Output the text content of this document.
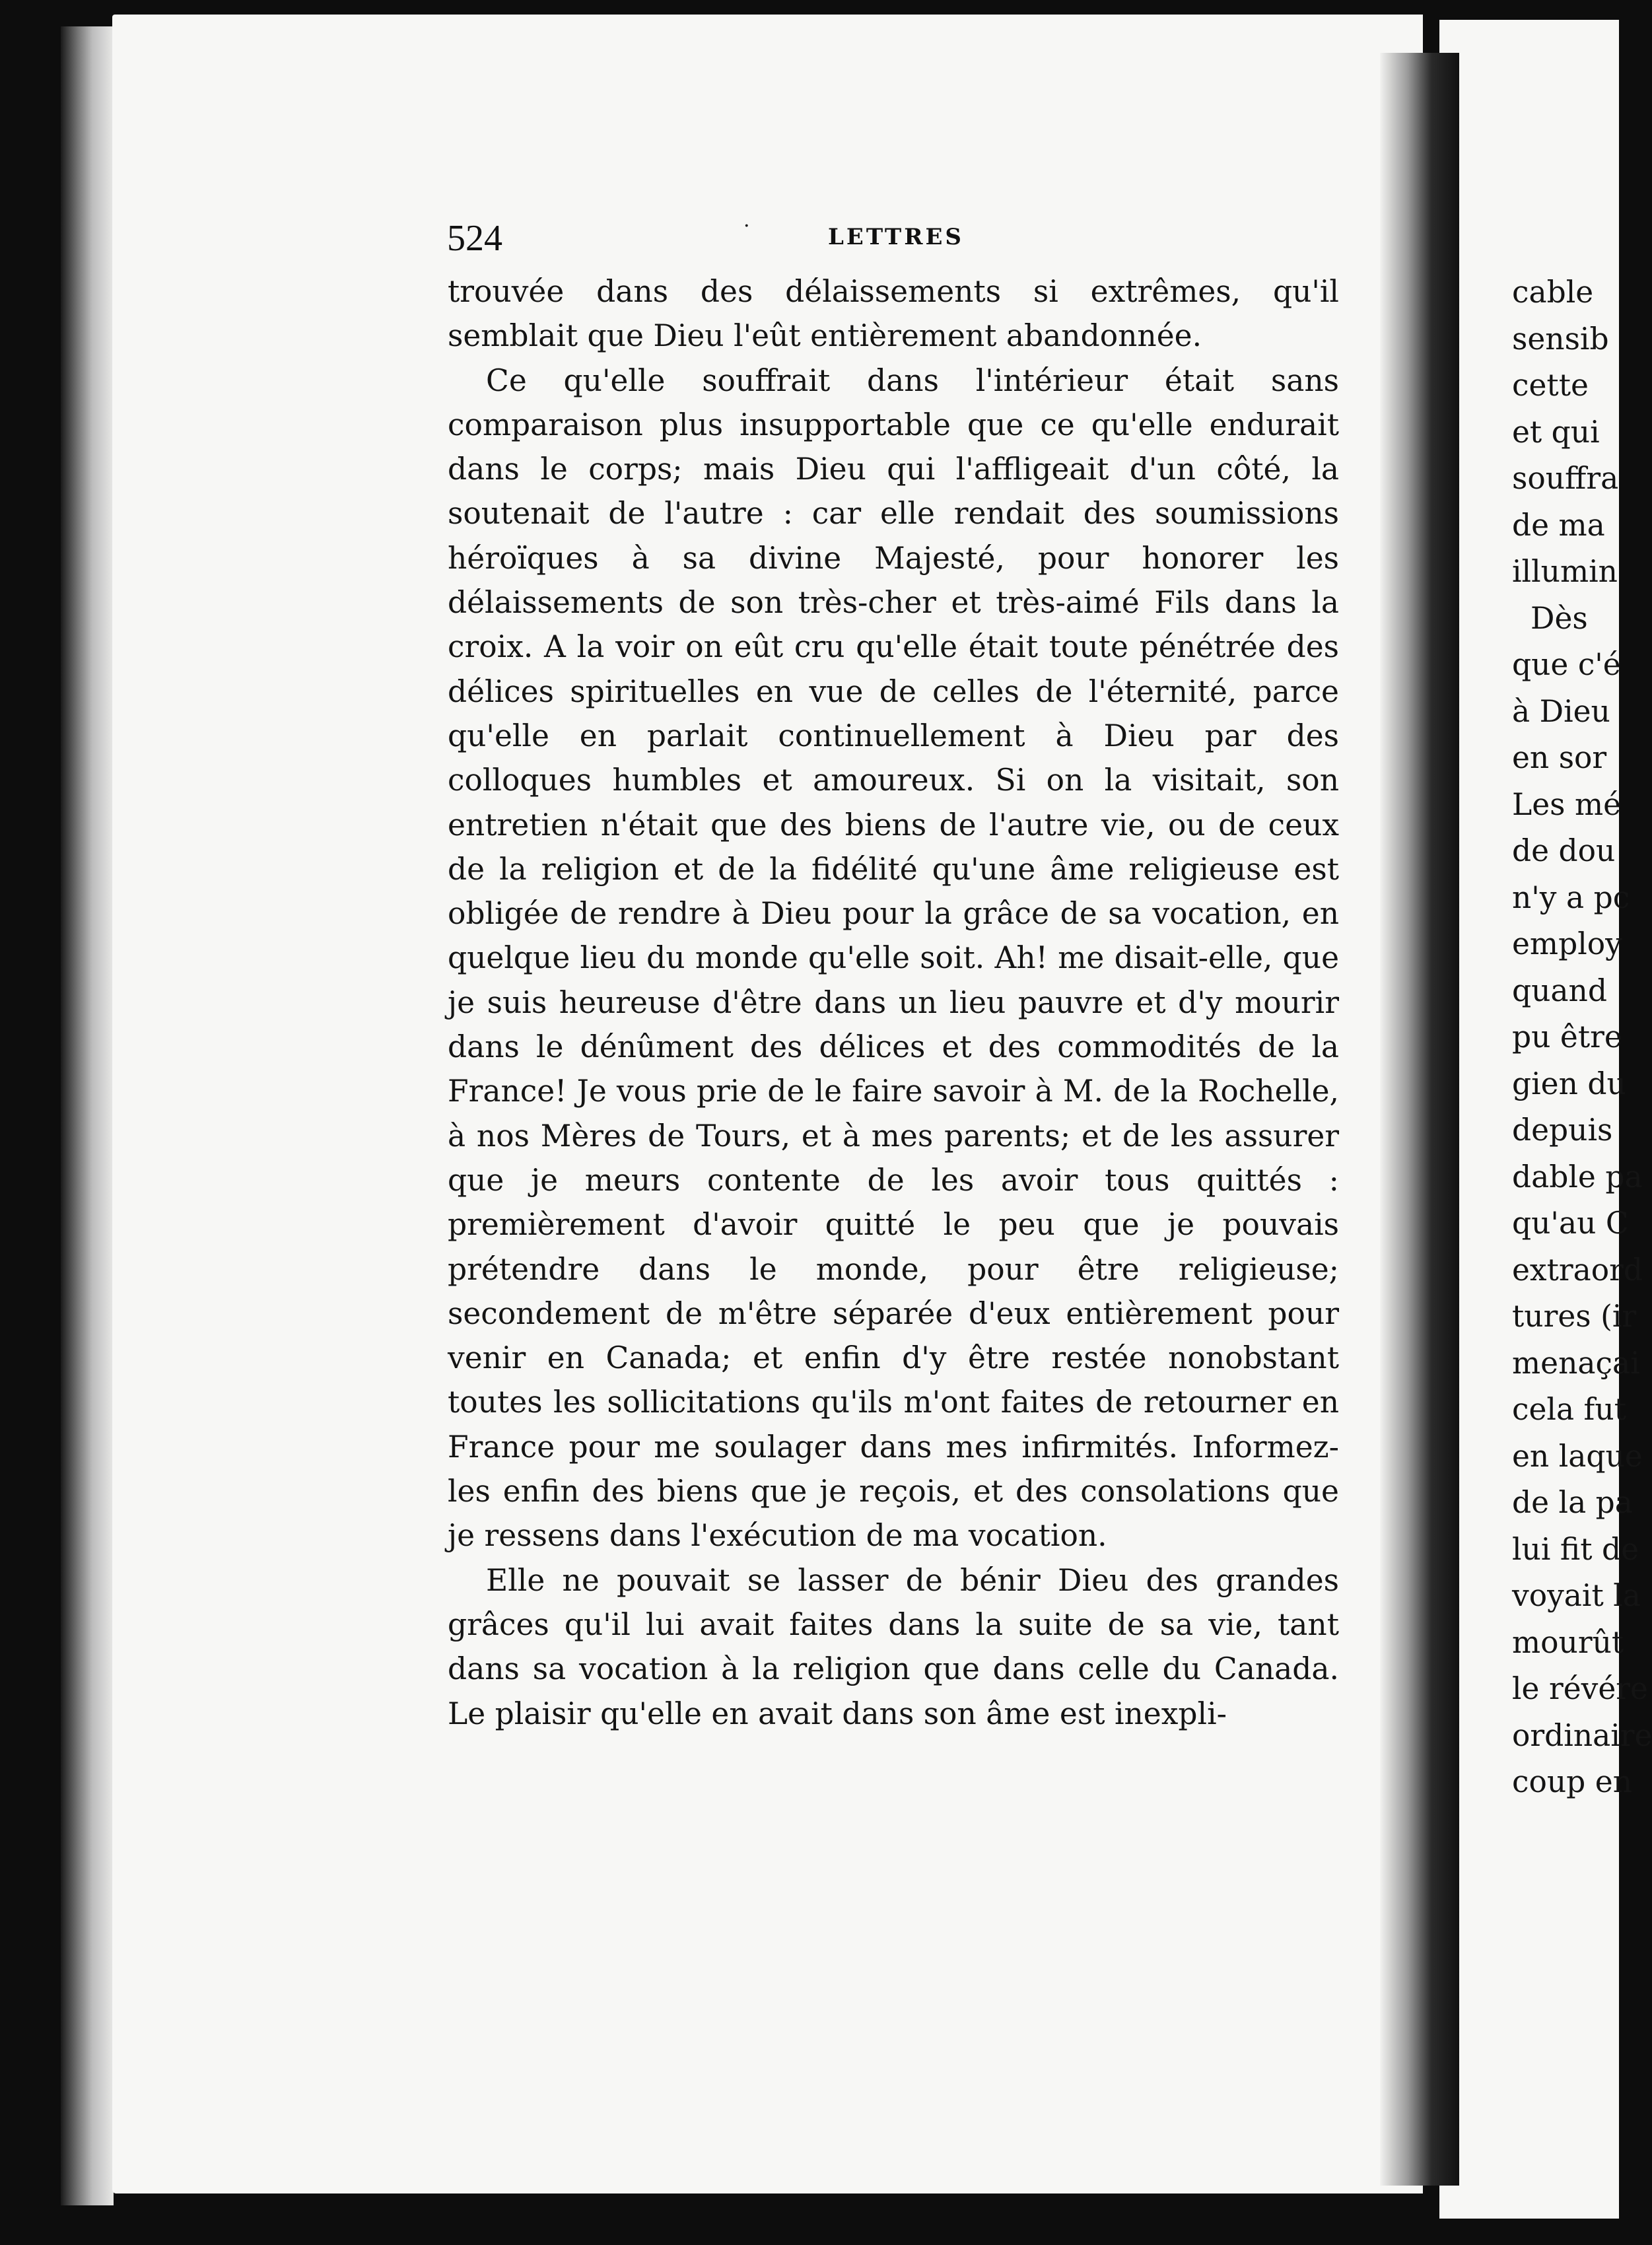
524	·	LETTRES

trouvée dans des délaissements si extrêmes, qu'il semblait que Dieu l'eût entièrement abandonnée.

Ce qu'elle souffrait dans l'intérieur était sans comparaison plus insupportable que ce qu'elle endurait dans le corps; mais Dieu qui l'affligeait d'un côté, la soutenait de l'autre : car elle rendait des soumissions héroïques à sa divine Majesté, pour honorer les délaissements de son très-cher et très-aimé Fils dans la croix. A la voir on eût cru qu'elle était toute pénétrée des délices spirituelles en vue de celles de l'éternité, parce qu'elle en parlait continuellement à Dieu par des colloques humbles et amoureux. Si on la visitait, son entretien n'était que des biens de l'autre vie, ou de ceux de la religion et de la fidélité qu'une âme religieuse est obligée de rendre à Dieu pour la grâce de sa vocation, en quelque lieu du monde qu'elle soit. Ah! me disait-elle, que je suis heureuse d'être dans un lieu pauvre et d'y mourir dans le dénûment des délices et des commodités de la France! Je vous prie de le faire savoir à M. de la Rochelle, à nos Mères de Tours, et à mes parents; et de les assurer que je meurs contente de les avoir tous quittés : premièrement d'avoir quitté le peu que je pouvais prétendre dans le monde, pour être religieuse; secondement de m'être séparée d'eux entièrement pour venir en Canada; et enfin d'y être restée nonobstant toutes les sollicitations qu'ils m'ont faites de retourner en France pour me soulager dans mes infirmités. Informez-les enfin des biens que je reçois, et des consolations que je ressens dans l'exécution de ma vocation.

Elle ne pouvait se lasser de bénir Dieu des grandes grâces qu'il lui avait faites dans la suite de sa vie, tant dans sa vocation à la religion que dans celle du Canada. Le plaisir qu'elle en avait dans son âme est inexpli-

cable
sensib
cette
et qui
souffra
de ma
illumin
Dès
que c'é
à Dieu
en sor
Les mé
de dou
n'y a pc
employ
quand
pu être
gien du
depuis
dable pa
qu'au C
extraord
tures (ir
menaçai
cela fut
en laque
de la pa
lui fit de
voyait la
mourût
le révére
ordinaire
coup en
